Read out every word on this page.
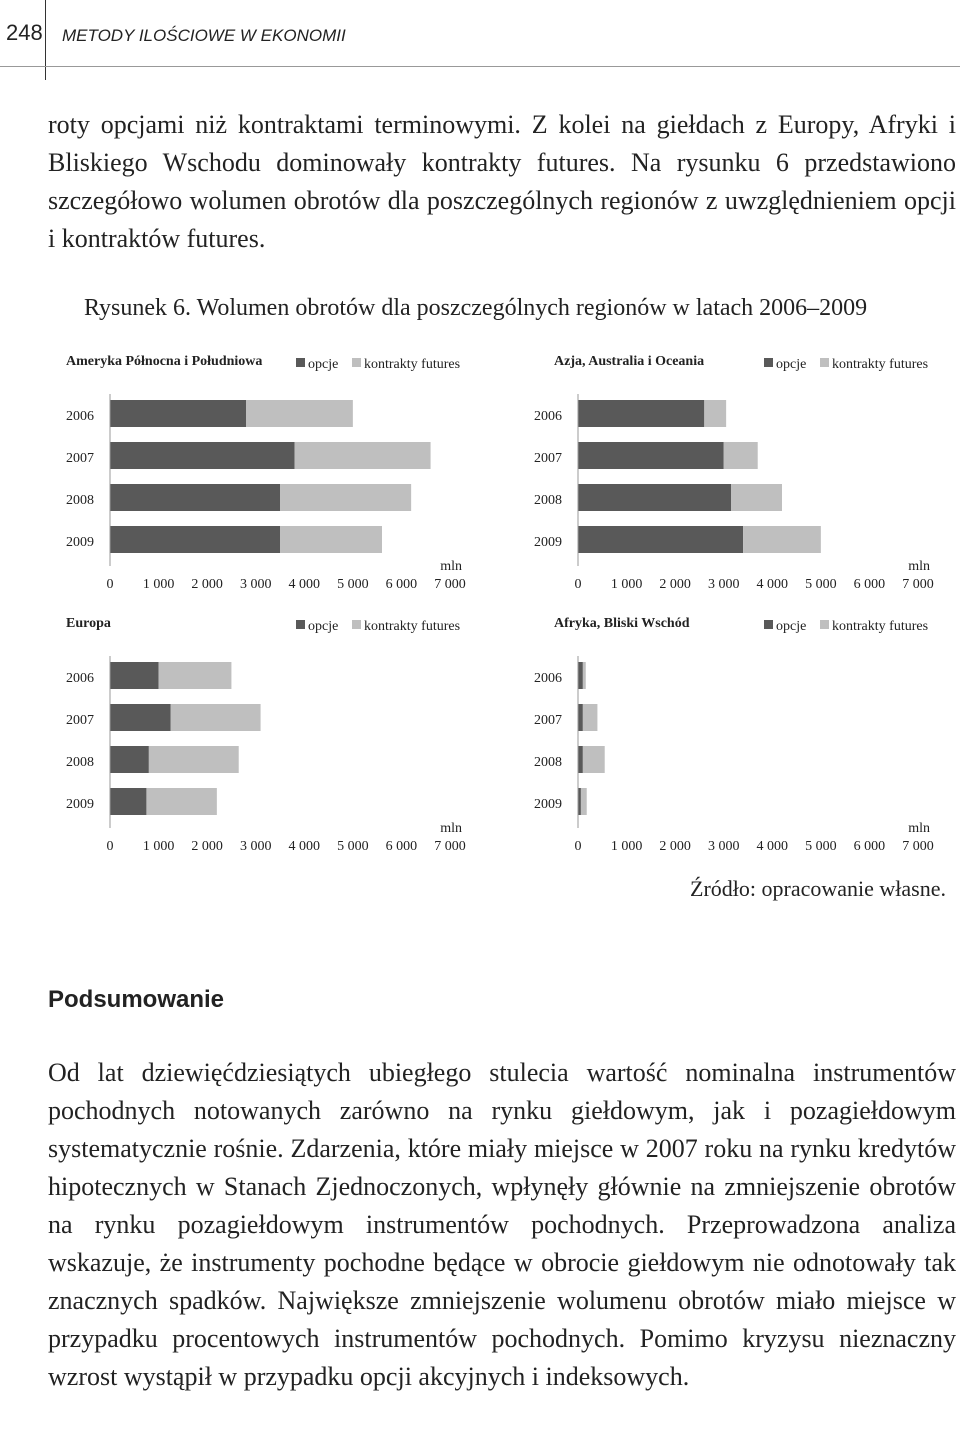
248 METODY ILOŚCIOWE W EKONOMII
roty opcjami niż kontraktami terminowymi. Z kolei na giełdach z Europy, Afryki i Bliskiego Wschodu dominowały kontrakty futures. Na rysunku 6 przedstawiono szczegółowo wolumen obrotów dla poszczególnych regionów z uwzględnieniem opcji i kontraktów futures.
Rysunek 6. Wolumen obrotów dla poszczególnych regionów w latach 2006–2009
Ameryka Północna i Południowa	opcje kontrakty futures
2006
2007
2008
2009
0 1 000 2 000 3 000 4 000 5 000 6 000 7 000
mln
Azja, Australia i Oceania	opcje kontrakty futures
2006
2007
2008
2009
0 1 000 2 000 3 000 4 000 5 000 6 000 7 000
mln
Europa	opcje kontrakty futures
2006
2007
2008
2009
0 1 000 2 000 3 000 4 000 5 000 6 000 7 000
mln
Afryka, Bliski Wschód	opcje kontrakty futures
2006
2007
2008
2009
0 1 000 2 000 3 000 4 000 5 000 6 000 7 000
mln
Źródło: opracowanie własne.
Podsumowanie
Od lat dziewięćdziesiątych ubiegłego stulecia wartość nominalna instrumentów pochodnych notowanych zarówno na rynku giełdowym, jak i pozagiełdowym systematycznie rośnie. Zdarzenia, które miały miejsce w 2007 roku na rynku kredytów hipotecznych w Stanach Zjednoczonych, wpłynęły głównie na zmniejszenie obrotów na rynku pozagiełdowym instrumentów pochodnych. Przeprowadzona analiza wskazuje, że instrumenty pochodne będące w obrocie giełdowym nie odnotowały tak znacznych spadków. Największe zmniejszenie wolumenu obrotów miało miejsce w przypadku procentowych instrumentów pochodnych. Pomimo kryzysu nieznaczny wzrost wystąpił w przypadku opcji akcyjnych i indeksowych.
